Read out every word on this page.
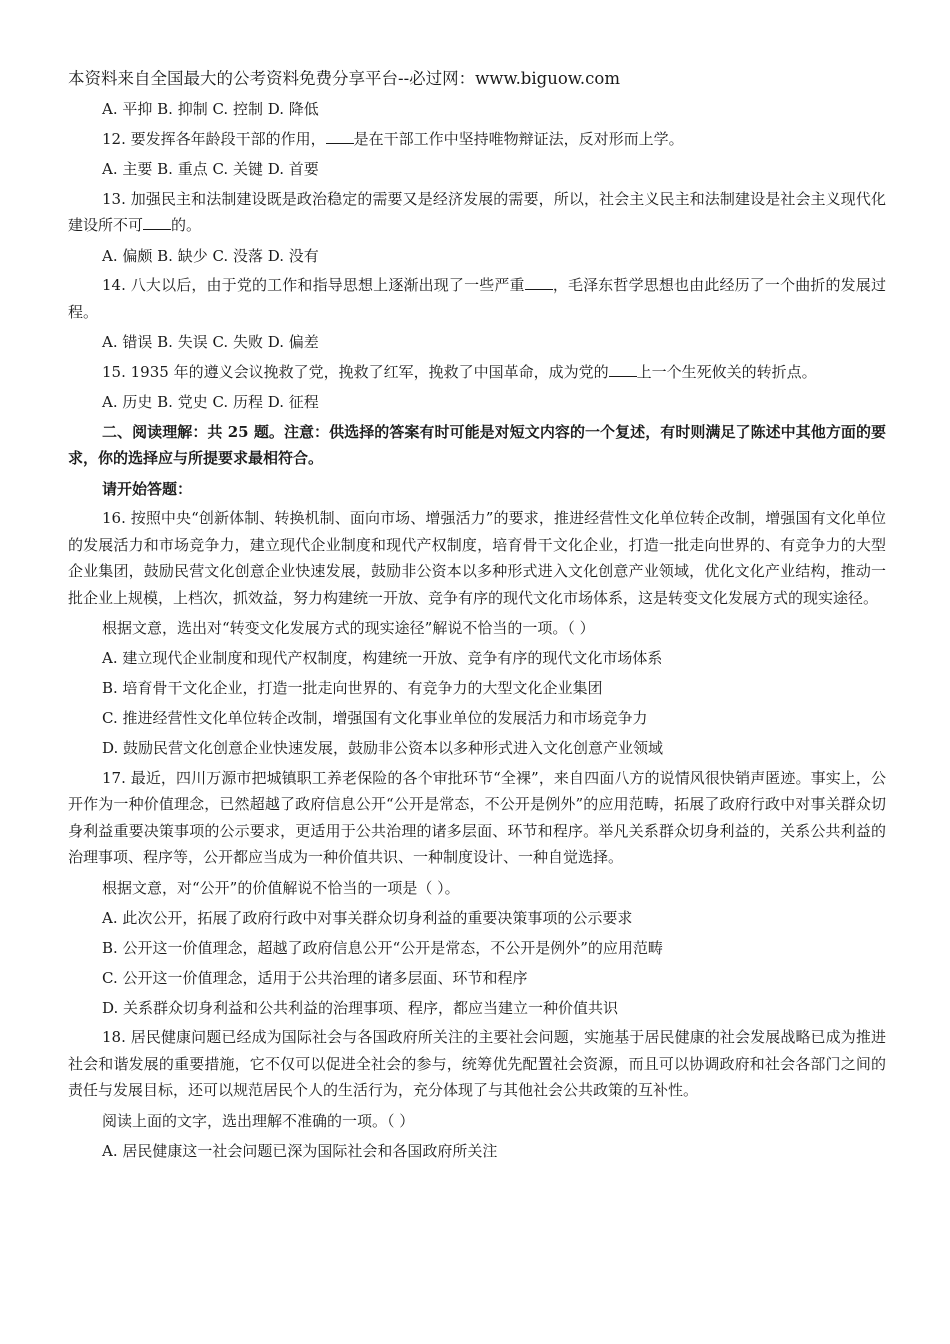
本资料来自全国最大的公考资料免费分享平台--必过网：www.biguow.com
A. 平抑 B. 抑制 C. 控制 D. 降低
12. 要发挥各年龄段干部的作用， 是在干部工作中坚持唯物辩证法，反对形而上学。
A. 主要 B. 重点 C. 关键 D. 首要
13. 加强民主和法制建设既是政治稳定的需要又是经济发展的需要，所以，社会主义民主和法制建设是社会主义现代化建设所不可 的。
A. 偏颇 B. 缺少 C. 没落 D. 没有
14. 八大以后，由于党的工作和指导思想上逐渐出现了一些严重 ，毛泽东哲学思想也由此经历了一个曲折的发展过程。
A. 错误 B. 失误 C. 失败 D. 偏差
15. 1935 年的遵义会议挽救了党，挽救了红军，挽救了中国革命，成为党的 上一个生死攸关的转折点。
A. 历史 B. 党史 C. 历程 D. 征程
二、阅读理解：共 25 题。注意：供选择的答案有时可能是对短文内容的一个复述，有时则满足了陈述中其他方面的要求，你的选择应与所提要求最相符合。
请开始答题：
16. 按照中央“创新体制、转换机制、面向市场、增强活力”的要求，推进经营性文化单位转企改制，增强国有文化单位的发展活力和市场竞争力，建立现代企业制度和现代产权制度，培育骨干文化企业，打造一批走向世界的、有竞争力的大型企业集团，鼓励民营文化创意企业快速发展，鼓励非公资本以多种形式进入文化创意产业领域，优化文化产业结构，推动一批企业上规模，上档次，抓效益，努力构建统一开放、竞争有序的现代文化市场体系，这是转变文化发展方式的现实途径。
根据文意，选出对“转变文化发展方式的现实途径”解说不恰当的一项。（ ）
A. 建立现代企业制度和现代产权制度，构建统一开放、竞争有序的现代文化市场体系
B. 培育骨干文化企业，打造一批走向世界的、有竞争力的大型文化企业集团
C. 推进经营性文化单位转企改制，增强国有文化事业单位的发展活力和市场竞争力
D. 鼓励民营文化创意企业快速发展，鼓励非公资本以多种形式进入文化创意产业领域
17. 最近，四川万源市把城镇职工养老保险的各个审批环节“全裸”，来自四面八方的说情风很快销声匿迹。事实上，公开作为一种价值理念，已然超越了政府信息公开“公开是常态，不公开是例外”的应用范畴，拓展了政府行政中对事关群众切身利益重要决策事项的公示要求，更适用于公共治理的诸多层面、环节和程序。举凡关系群众切身利益的，关系公共利益的治理事项、程序等，公开都应当成为一种价值共识、一种制度设计、一种自觉选择。
根据文意，对“公开”的价值解说不恰当的一项是（ ）。
A. 此次公开，拓展了政府行政中对事关群众切身利益的重要决策事项的公示要求
B. 公开这一价值理念，超越了政府信息公开“公开是常态，不公开是例外”的应用范畴
C. 公开这一价值理念，适用于公共治理的诸多层面、环节和程序
D. 关系群众切身利益和公共利益的治理事项、程序，都应当建立一种价值共识
18. 居民健康问题已经成为国际社会与各国政府所关注的主要社会问题，实施基于居民健康的社会发展战略已成为推进社会和谐发展的重要措施，它不仅可以促进全社会的参与，统筹优先配置社会资源，而且可以协调政府和社会各部门之间的责任与发展目标，还可以规范居民个人的生活行为，充分体现了与其他社会公共政策的互补性。
阅读上面的文字，选出理解不准确的一项。（ ）
A. 居民健康这一社会问题已深为国际社会和各国政府所关注
